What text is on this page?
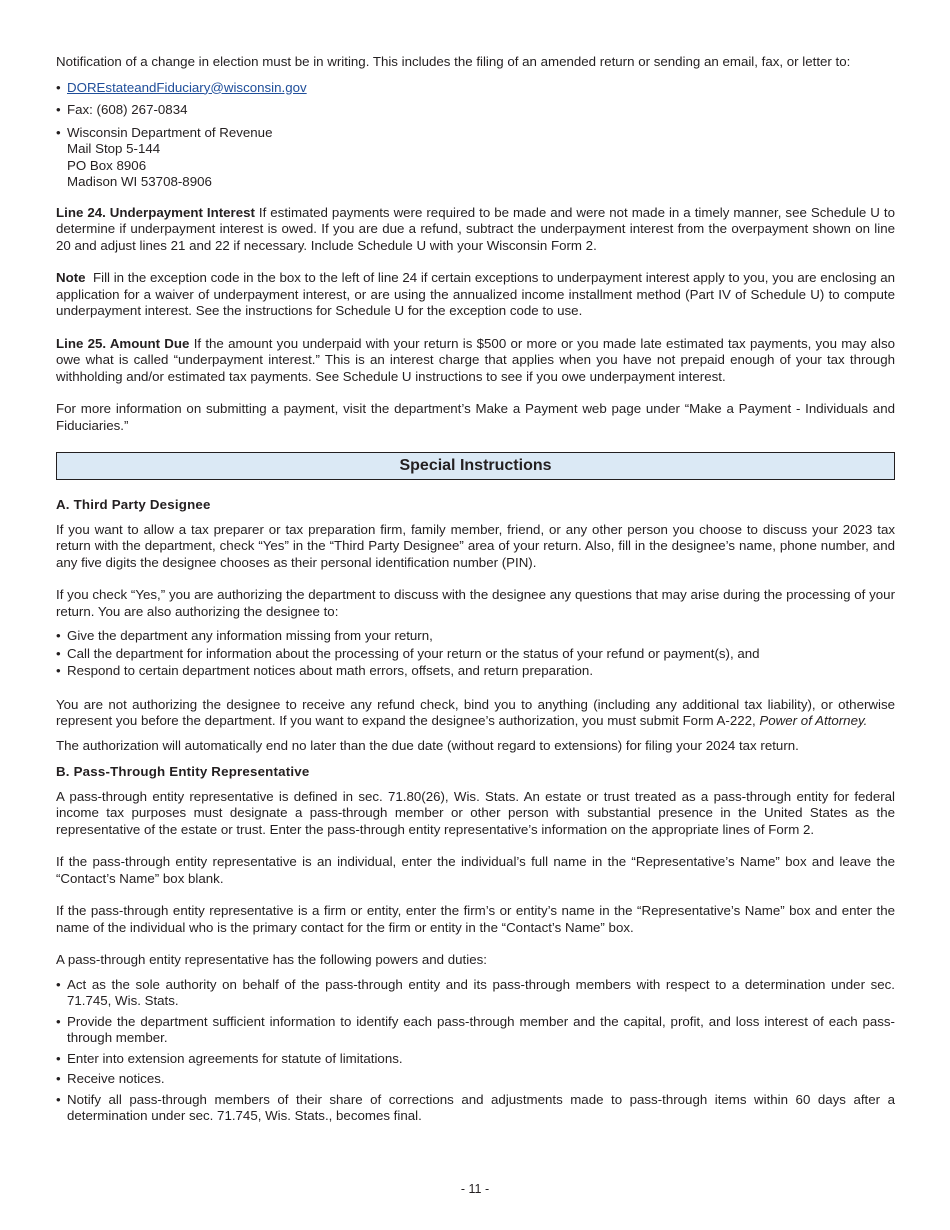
Notification of a change in election must be in writing. This includes the filing of an amended return or sending an email, fax, or letter to:

• DOREstateandFiduciary@wisconsin.gov
• Fax: (608) 267-0834
• Wisconsin Department of Revenue
Mail Stop 5-144
PO Box 8906
Madison WI 53708-8906

Line 24. Underpayment Interest If estimated payments were required to be made and were not made in a timely manner, see Schedule U to determine if underpayment interest is owed. If you are due a refund, subtract the underpayment interest from the overpayment shown on line 20 and adjust lines 21 and 22 if necessary. Include Schedule U with your Wisconsin Form 2.

Note  Fill in the exception code in the box to the left of line 24 if certain exceptions to underpayment interest apply to you, you are enclosing an application for a waiver of underpayment interest, or are using the annualized income installment method (Part IV of Schedule U) to compute underpayment interest. See the instructions for Schedule U for the exception code to use.

Line 25. Amount Due If the amount you underpaid with your return is $500 or more or you made late estimated tax payments, you may also owe what is called “underpayment interest.” This is an interest charge that applies when you have not prepaid enough of your tax through withholding and/or estimated tax payments. See Schedule U instructions to see if you owe underpayment interest.

For more information on submitting a payment, visit the department’s Make a Payment web page under “Make a Payment - Individuals and Fiduciaries.”

Special Instructions
A. Third Party Designee

If you want to allow a tax preparer or tax preparation firm, family member, friend, or any other person you choose to discuss your 2023 tax return with the department, check “Yes” in the “Third Party Designee” area of your return. Also, fill in the designee’s name, phone number, and any five digits the designee chooses as their personal identification number (PIN).

If you check “Yes,” you are authorizing the department to discuss with the designee any questions that may arise during the processing of your return. You are also authorizing the designee to:

• Give the department any information missing from your return,
• Call the department for information about the processing of your return or the status of your refund or payment(s), and
• Respond to certain department notices about math errors, offsets, and return preparation.

You are not authorizing the designee to receive any refund check, bind you to anything (including any additional tax liability), or otherwise represent you before the department. If you want to expand the designee’s authorization, you must submit Form A-222, Power of Attorney.

The authorization will automatically end no later than the due date (without regard to extensions) for filing your 2024 tax return.

B. Pass-Through Entity Representative

A pass-through entity representative is defined in sec. 71.80(26), Wis. Stats. An estate or trust treated as a pass-through entity for federal income tax purposes must designate a pass-through member or other person with substantial presence in the United States as the representative of the estate or trust. Enter the pass-through entity representative’s information on the appropriate lines of Form 2.

If the pass-through entity representative is an individual, enter the individual’s full name in the “Representative’s Name” box and leave the “Contact’s Name” box blank.

If the pass-through entity representative is a firm or entity, enter the firm’s or entity’s name in the “Representative’s Name” box and enter the name of the individual who is the primary contact for the firm or entity in the “Contact’s Name” box.

A pass-through entity representative has the following powers and duties:

• Act as the sole authority on behalf of the pass-through entity and its pass-through members with respect to a determination under sec. 71.745, Wis. Stats.
• Provide the department sufficient information to identify each pass-through member and the capital, profit, and loss interest of each pass-through member.
• Enter into extension agreements for statute of limitations.
• Receive notices.
• Notify all pass-through members of their share of corrections and adjustments made to pass-through items within 60 days after a determination under sec. 71.745, Wis. Stats., becomes final.
- 11 -
